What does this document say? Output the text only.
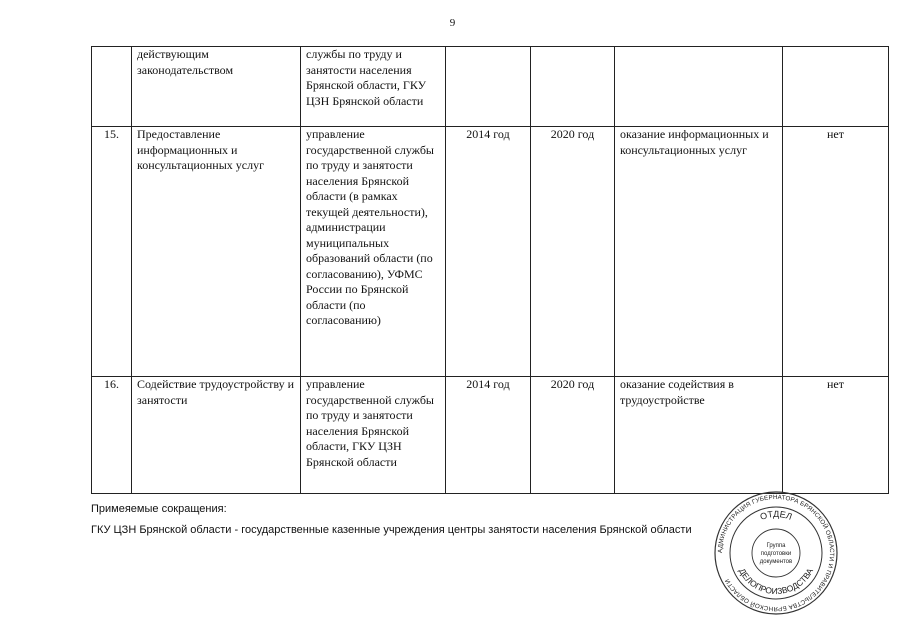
9
	действующим законодательством	службы по труду и занятости населения Брянской области, ГКУ ЦЗН Брянской области				
15.	Предоставление информационных и консультационных услуг	управление государственной службы по труду и занятости населения Брянской области (в рамках текущей деятельности), администрации муниципальных образований области (по согласованию), УФМС России по Брянской области (по согласованию)	2014 год	2020 год	оказание информационных и консультационных услуг	нет
16.	Содействие трудоустройству и занятости	управление государственной службы по труду и занятости населения Брянской области, ГКУ ЦЗН Брянской области	2014 год	2020 год	оказание содействия в трудоустройстве	нет
Примеяемые сокращения:
ГКУ ЦЗН Брянской области - государственные казенные учреждения центры занятости населения Брянской области
АДМИНИСТРАЦИЯ ГУБЕРНАТОРА БРЯНСКОЙ ОБЛАСТИ И ПРАВИТЕЛЬСТВА БРЯНСКОЙ ОБЛАСТИ
ОТДЕЛ
ДЕЛОПРОИЗВОДСТВА
Группа
подготовки
документов
